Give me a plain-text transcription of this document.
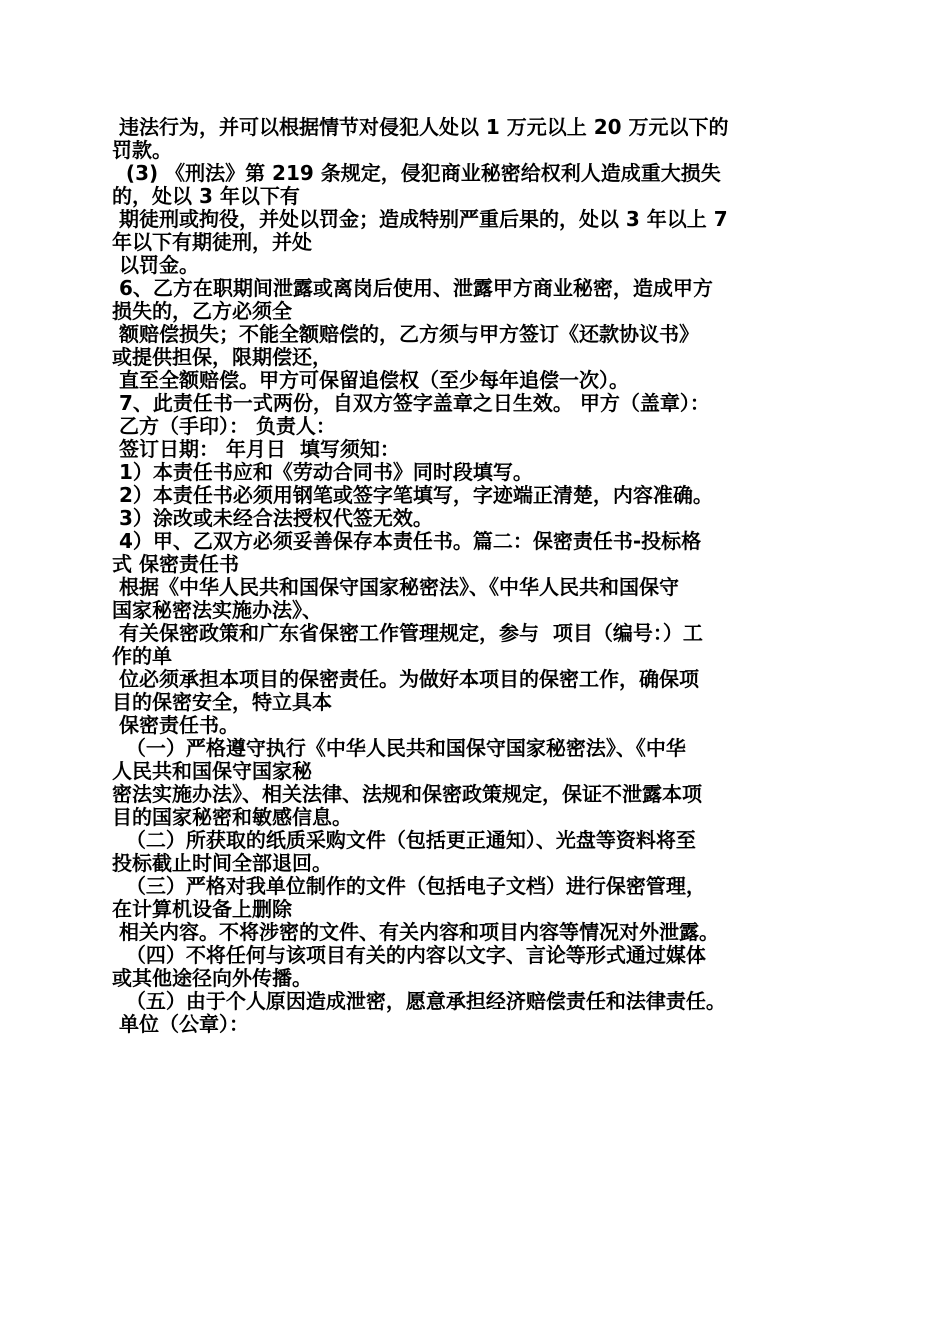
违法行为，并可以根据情节对侵犯人处以 1 万元以上 20 万元以下的
罚款。
(3) 《刑法》第 219 条规定，侵犯商业秘密给权利人造成重大损失
的，处以 3 年以下有
期徒刑或拘役，并处以罚金；造成特别严重后果的，处以 3 年以上 7
年以下有期徒刑，并处
以罚金。
6、乙方在职期间泄露或离岗后使用、泄露甲方商业秘密，造成甲方
损失的，乙方必须全
额赔偿损失；不能全额赔偿的，乙方须与甲方签订《还款协议书》
或提供担保，限期偿还，
直至全额赔偿。甲方可保留追偿权（至少每年追偿一次）。
7、此责任书一式两份，自双方签字盖章之日生效。 甲方（盖章）：
乙方（手印）： 负责人：
签订日期： 年月日  填写须知：
1）本责任书应和《劳动合同书》同时段填写。
2）本责任书必须用钢笔或签字笔填写，字迹端正清楚，内容准确。
3）涂改或未经合法授权代签无效。
4）甲、乙双方必须妥善保存本责任书。篇二：保密责任书-投标格
式 保密责任书
根据《中华人民共和国保守国家秘密法》、《中华人民共和国保守
国家秘密法实施办法》、
有关保密政策和广东省保密工作管理规定，参与  项目（编号：）工
作的单
位必须承担本项目的保密责任。为做好本项目的保密工作，确保项
目的保密安全，特立具本
保密责任书。
（一）严格遵守执行《中华人民共和国保守国家秘密法》、《中华
人民共和国保守国家秘
密法实施办法》、相关法律、法规和保密政策规定，保证不泄露本项
目的国家秘密和敏感信息。
（二）所获取的纸质采购文件（包括更正通知）、光盘等资料将至
投标截止时间全部退回。
（三）严格对我单位制作的文件（包括电子文档）进行保密管理，
在计算机设备上删除
相关内容。不将涉密的文件、有关内容和项目内容等情况对外泄露。
（四）不将任何与该项目有关的内容以文字、言论等形式通过媒体
或其他途径向外传播。
（五）由于个人原因造成泄密，愿意承担经济赔偿责任和法律责任。
单位（公章）：
